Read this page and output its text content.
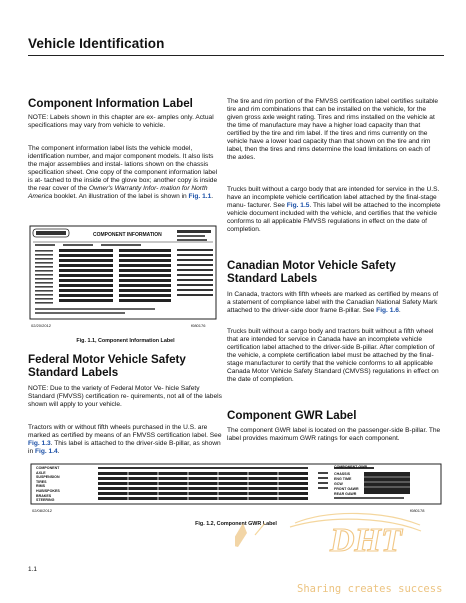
Vehicle Identification
Component Information Label

NOTE: Labels shown in this chapter are ex- amples only. Actual specifications may vary from vehicle to vehicle.

The component information label lists the vehicle model, identification number, and major component models. It also lists the major assemblies and instal- lations shown on the chassis specification sheet. One copy of the component information label is at- tached to the inside of the glove box; another copy is inside the rear cover of the Owner's Warranty Infor- mation for North America booklet. An illustration of the label is shown in Fig. 1.1.

COMPONENT INFORMATION
02/20/2012	f080176
Fig. 1.1, Component Information Label
Federal Motor Vehicle Safety Standard Labels

NOTE: Due to the variety of Federal Motor Ve- hicle Safety Standard (FMVSS) certification re- quirements, not all of the labels shown will apply to your vehicle.

Tractors with or without fifth wheels purchased in the U.S. are marked as certified by means of an FMVSS certification label. See Fig. 1.3. This label is attached to the driver-side B-pillar, as shown in Fig. 1.4.

The tire and rim portion of the FMVSS certification label certifies suitable tire and rim combinations that can be installed on the vehicle, for the given gross axle weight rating. Tires and rims installed on the vehicle at the time of manufacture may have a higher load capacity than that certified by the tire and rim label. If the tires and rims currently on the vehicle have a lower load capacity than that shown on the tire and rim label, then the tires and rims determine the load limitations on each of the axles.

Trucks built without a cargo body that are intended for service in the U.S. have an incomplete vehicle certification label attached by the final-stage manu- facturer. See Fig. 1.5. This label will be attached to the incomplete vehicle document included with the vehicle, and certifies that the vehicle conforms to all applicable FMVSS regulations in effect on the date of completion.

Canadian Motor Vehicle Safety Standard Labels

In Canada, tractors with fifth wheels are marked as certified by means of a statement of compliance label with the Canadian National Safety Mark attached to the driver-side door frame B-pillar. See Fig. 1.6.

Trucks built without a cargo body and tractors built without a fifth wheel that are intended for service in Canada have an incomplete vehicle certification label attached to the driver-side B-pillar. After completion of the vehicle, a complete certification label must be attached by the final-stage manufacturer to certify that the vehicle conforms to all applicable Canada Motor Vehicle Safety Standard (CMVSS) regulations in effect on the date of completion.

Component GWR Label

The component GWR label is located on the passenger-side B-pillar. The label provides maximum GWR ratings for each component.

COMPONENT
AXLE
SUSPENSION
TIRES
RIMS
HUB/SPOKES
BRAKES
STEERING
COMPONENT GWR
CHASSIS
ENG TIME
GCW
FRONT GAWR
REAR GAWR
02/08/2012	f080178
Fig. 1.2, Component GWR Label	DHT
Sharing creates success
1.1
